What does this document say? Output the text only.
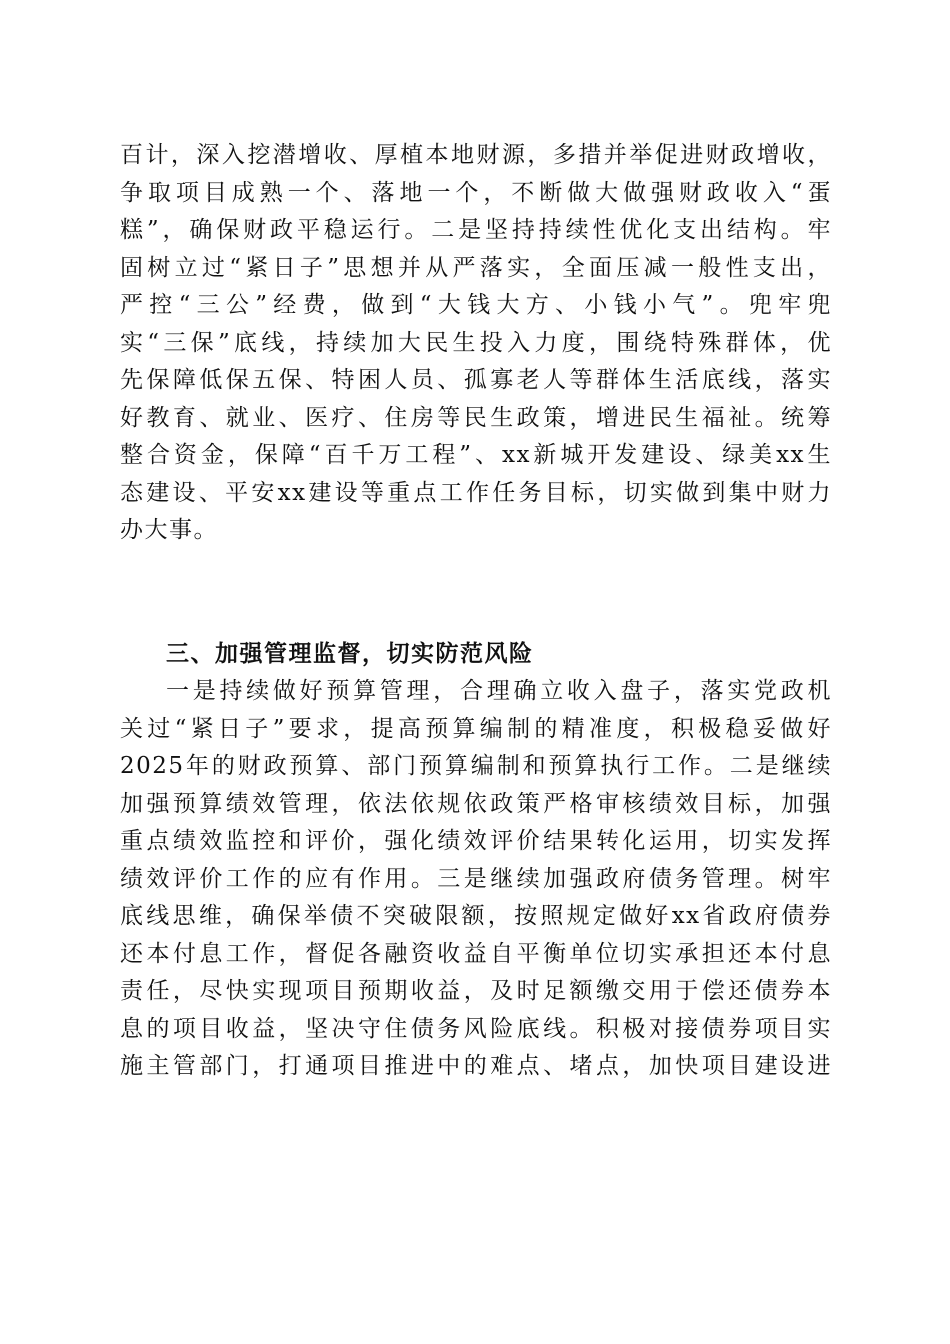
百计，深入挖潜增收、厚植本地财源，多措并举促进财政增收，
争取项目成熟一个、落地一个，不断做大做强财政收入“蛋
糕”，确保财政平稳运行。二是坚持持续性优化支出结构。牢
固树立过“紧日子”思想并从严落实，全面压减一般性支出，
严控“三公”经费，做到“大钱大方、小钱小气”。兜牢兜
实“三保”底线，持续加大民生投入力度，围绕特殊群体，优
先保障低保五保、特困人员、孤寡老人等群体生活底线，落实
好教育、就业、医疗、住房等民生政策，增进民生福祉。统筹
整合资金，保障“百千万工程”、xx新城开发建设、绿美xx生
态建设、平安xx建设等重点工作任务目标，切实做到集中财力
办大事。
三、加强管理监督，切实防范风险
一是持续做好预算管理，合理确立收入盘子，落实党政机
关过“紧日子”要求，提高预算编制的精准度，积极稳妥做好
2025年的财政预算、部门预算编制和预算执行工作。二是继续
加强预算绩效管理，依法依规依政策严格审核绩效目标，加强
重点绩效监控和评价，强化绩效评价结果转化运用，切实发挥
绩效评价工作的应有作用。三是继续加强政府债务管理。树牢
底线思维，确保举债不突破限额，按照规定做好xx省政府债券
还本付息工作，督促各融资收益自平衡单位切实承担还本付息
责任，尽快实现项目预期收益，及时足额缴交用于偿还债券本
息的项目收益，坚决守住债务风险底线。积极对接债券项目实
施主管部门，打通项目推进中的难点、堵点，加快项目建设进
